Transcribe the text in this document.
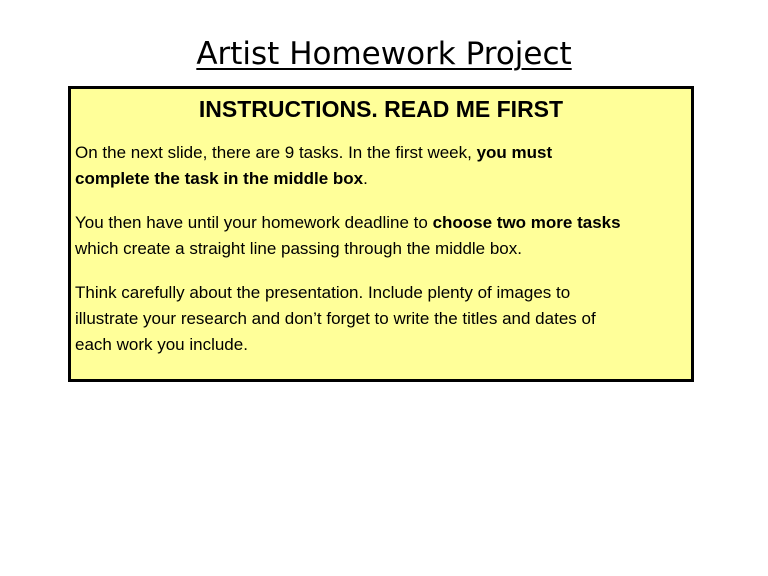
Artist Homework Project
INSTRUCTIONS. READ ME FIRST
On the next slide, there are 9 tasks. In the first week, you must
complete the task in the middle box.
You then have until your homework deadline to choose two more tasks
which create a straight line passing through the middle box.
Think carefully about the presentation. Include plenty of images to
illustrate your research and don’t forget to write the titles and dates of
each work you include.
